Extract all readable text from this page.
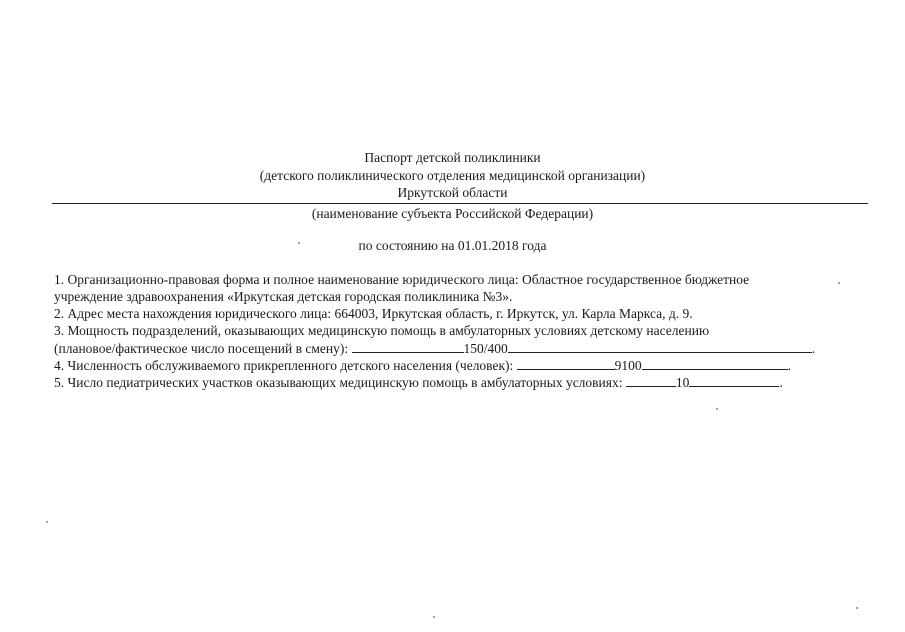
Паспорт детской поликлиники
(детского поликлинического отделения медицинской организации)
Иркутской области
(наименование субъекта Российской Федерации)
по состоянию на 01.01.2018 года
1. Организационно-правовая форма и полное наименование юридического лица: Областное государственное бюджетное
учреждение здравоохранения «Иркутская детская городская поликлиника №3».
2. Адрес места нахождения юридического лица: 664003, Иркутская область, г. Иркутск, ул. Карла Маркса, д. 9.
3. Мощность подразделений, оказывающих медицинскую помощь в амбулаторных условиях детскому населению
(плановое/фактическое число посещений в смену):	150/400	.
4. Численность обслуживаемого прикрепленного детского населения (человек):	9100	.
5. Число педиатрических участков оказывающих медицинскую помощь в амбулаторных условиях:	10	.
